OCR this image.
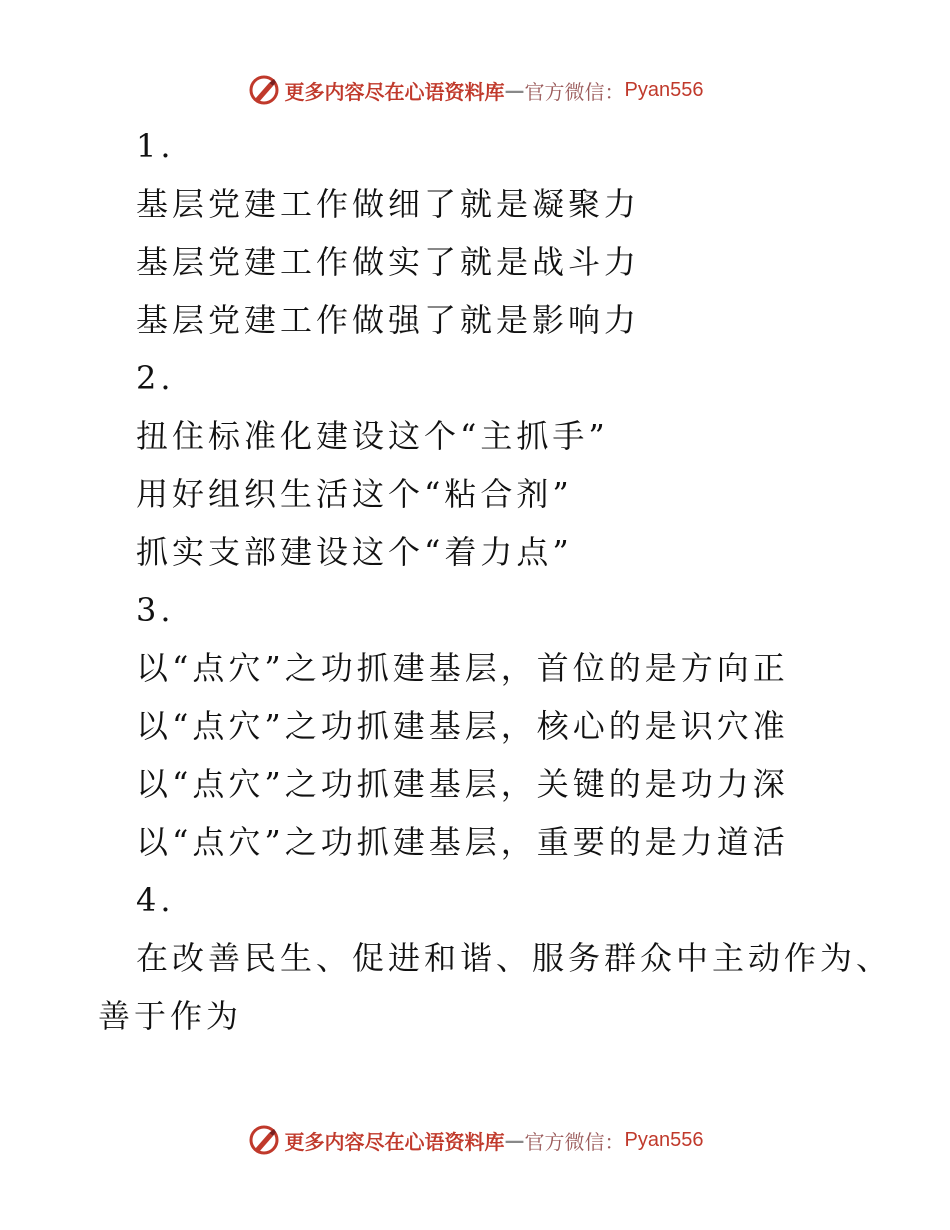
更多内容尽在心语资料库 — 官方微信： Pyan556
1.
基层党建工作做细了就是凝聚力
基层党建工作做实了就是战斗力
基层党建工作做强了就是影响力
2.
扭住标准化建设这个“主抓手”
用好组织生活这个“粘合剂”
抓实支部建设这个“着力点”
3.
以“点穴”之功抓建基层，首位的是方向正
以“点穴”之功抓建基层，核心的是识穴准
以“点穴”之功抓建基层，关键的是功力深
以“点穴”之功抓建基层，重要的是力道活
4.
在改善民生、促进和谐、服务群众中主动作为、
善于作为
更多内容尽在心语资料库 — 官方微信： Pyan556
